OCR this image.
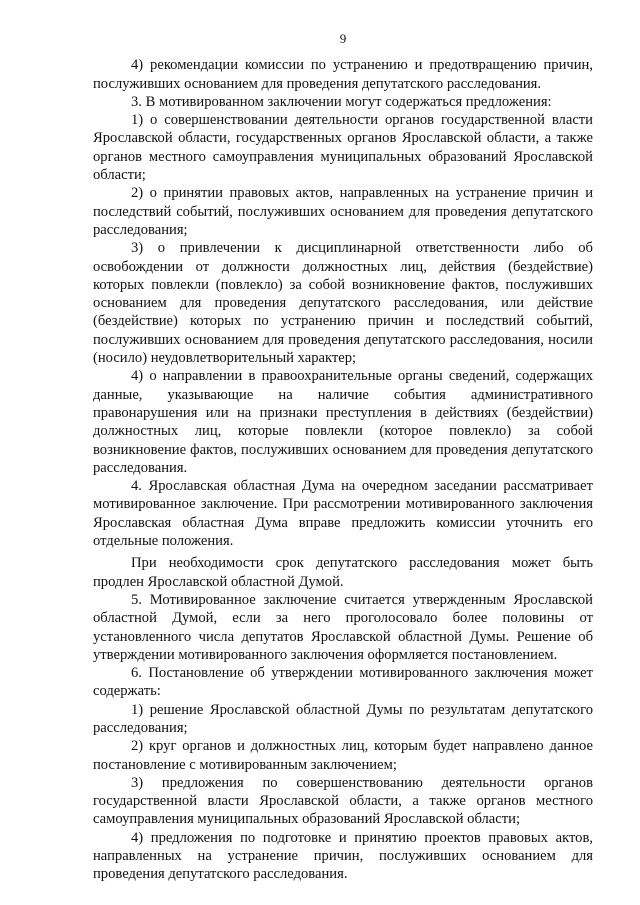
9

4) рекомендации комиссии по устранению и предотвращению причин, послуживших основанием для проведения депутатского расследования.

3. В мотивированном заключении могут содержаться предложения:

1) о совершенствовании деятельности органов государственной власти Ярославской области, государственных органов Ярославской области, а также органов местного самоуправления муниципальных образований Ярославской области;

2) о принятии правовых актов, направленных на устранение причин и последствий событий, послуживших основанием для проведения депутатского расследования;

3) о привлечении к дисциплинарной ответственности либо об освобождении от должности должностных лиц, действия (бездействие) которых повлекли (повлекло) за собой возникновение фактов, послуживших основанием для проведения депутатского расследования, или действие (бездействие) которых по устранению причин и последствий событий, послуживших основанием для проведения депутатского расследования, носили (носило) неудовлетворительный характер;

4) о направлении в правоохранительные органы сведений, содержащих данные, указывающие на наличие события административного правонарушения или на признаки преступления в действиях (бездействии) должностных лиц, которые повлекли (которое повлекло) за собой возникновение фактов, послуживших основанием для проведения депутатского расследования.

4. Ярославская областная Дума на очередном заседании рассматривает мотивированное заключение. При рассмотрении мотивированного заключения Ярославская областная Дума вправе предложить комиссии уточнить его отдельные положения.

При необходимости срок депутатского расследования может быть продлен Ярославской областной Думой.

5. Мотивированное заключение считается утвержденным Ярославской областной Думой, если за него проголосовало более половины от установленного числа депутатов Ярославской областной Думы. Решение об утверждении мотивированного заключения оформляется постановлением.

6. Постановление об утверждении мотивированного заключения может содержать:

1) решение Ярославской областной Думы по результатам депутатского расследования;

2) круг органов и должностных лиц, которым будет направлено данное постановление с мотивированным заключением;

3) предложения по совершенствованию деятельности органов государственной власти Ярославской области, а также органов местного самоуправления муниципальных образований Ярославской области;

4) предложения по подготовке и принятию проектов правовых актов, направленных на устранение причин, послуживших основанием для проведения депутатского расследования.
